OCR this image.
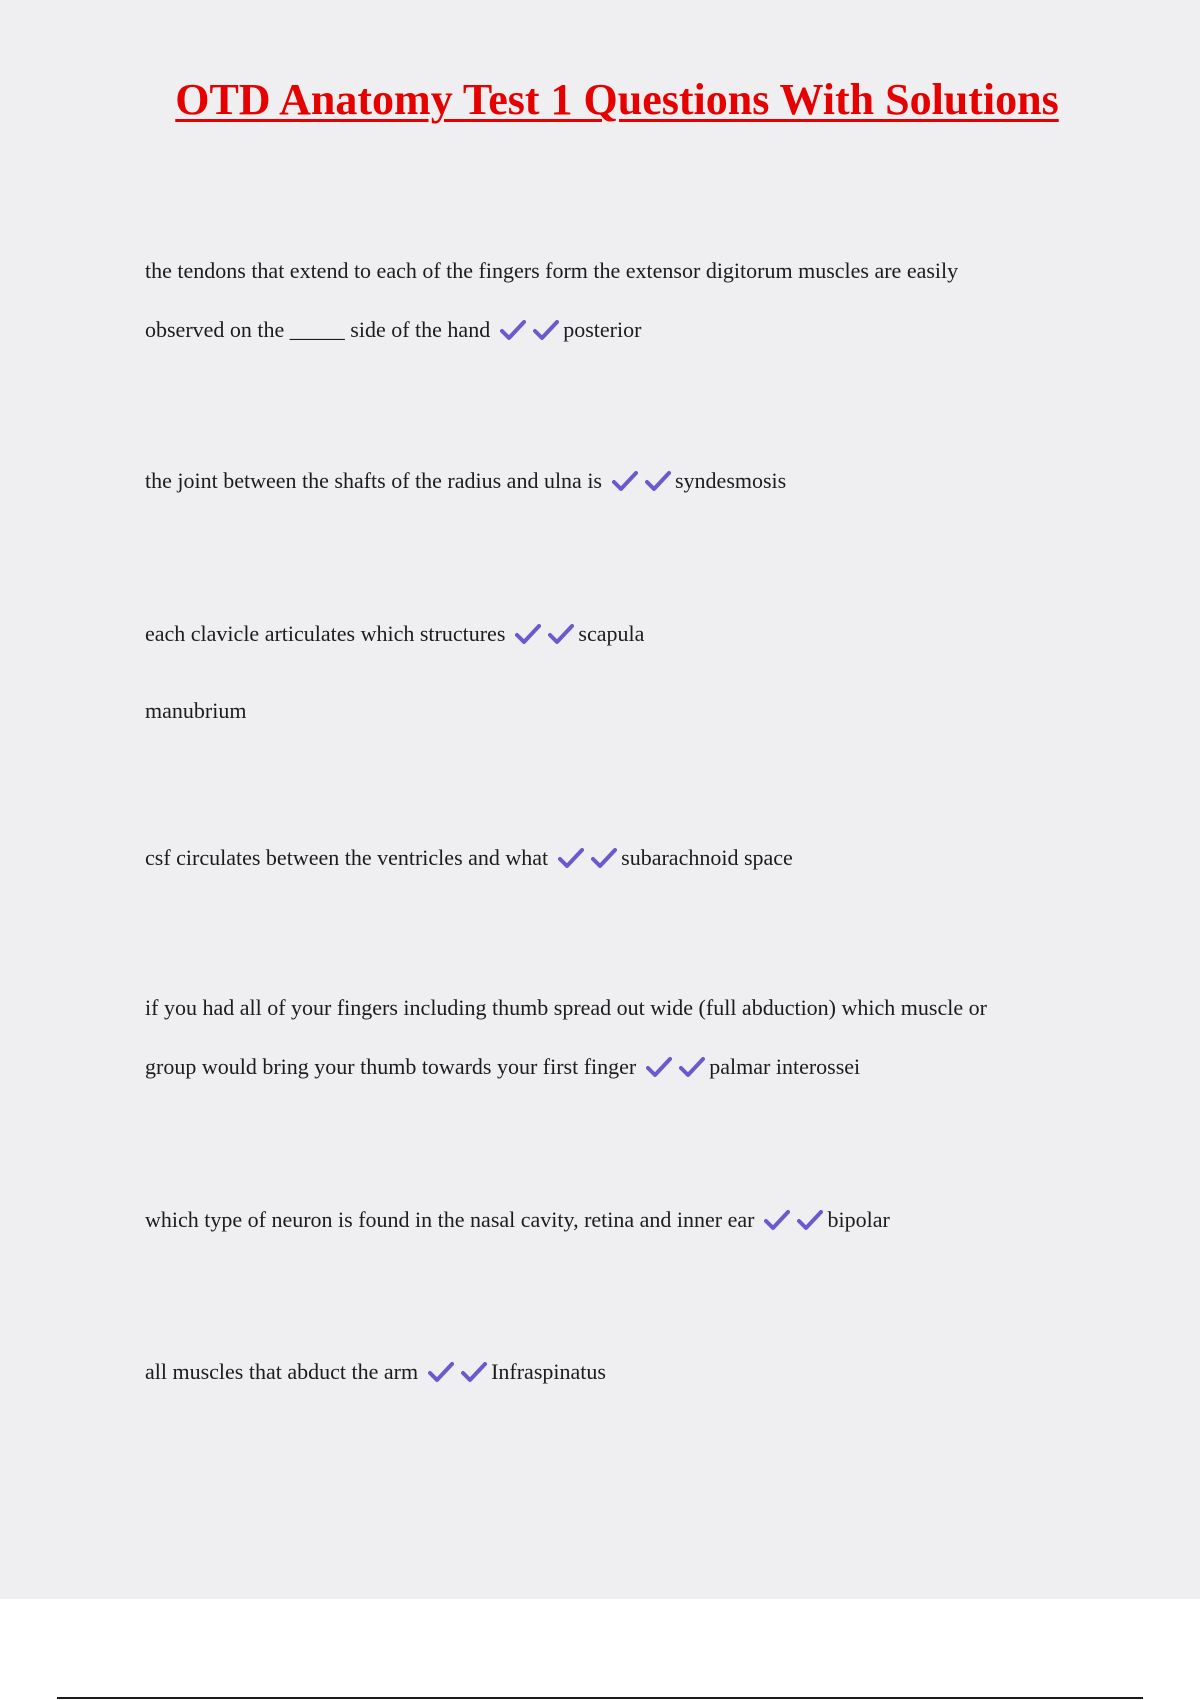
OTD Anatomy Test 1 Questions With Solutions

the tendons that extend to each of the fingers form the extensor digitorum muscles are easily

observed on the _____ side of the hand	posterior

the joint between the shafts of the radius and ulna is	syndesmosis

each clavicle articulates which structures	scapula

manubrium

csf circulates between the ventricles and what	subarachnoid space

if you had all of your fingers including thumb spread out wide (full abduction) which muscle or

group would bring your thumb towards your first finger	palmar interossei

which type of neuron is found in the nasal cavity, retina and inner ear	bipolar

all muscles that abduct the arm	Infraspinatus
